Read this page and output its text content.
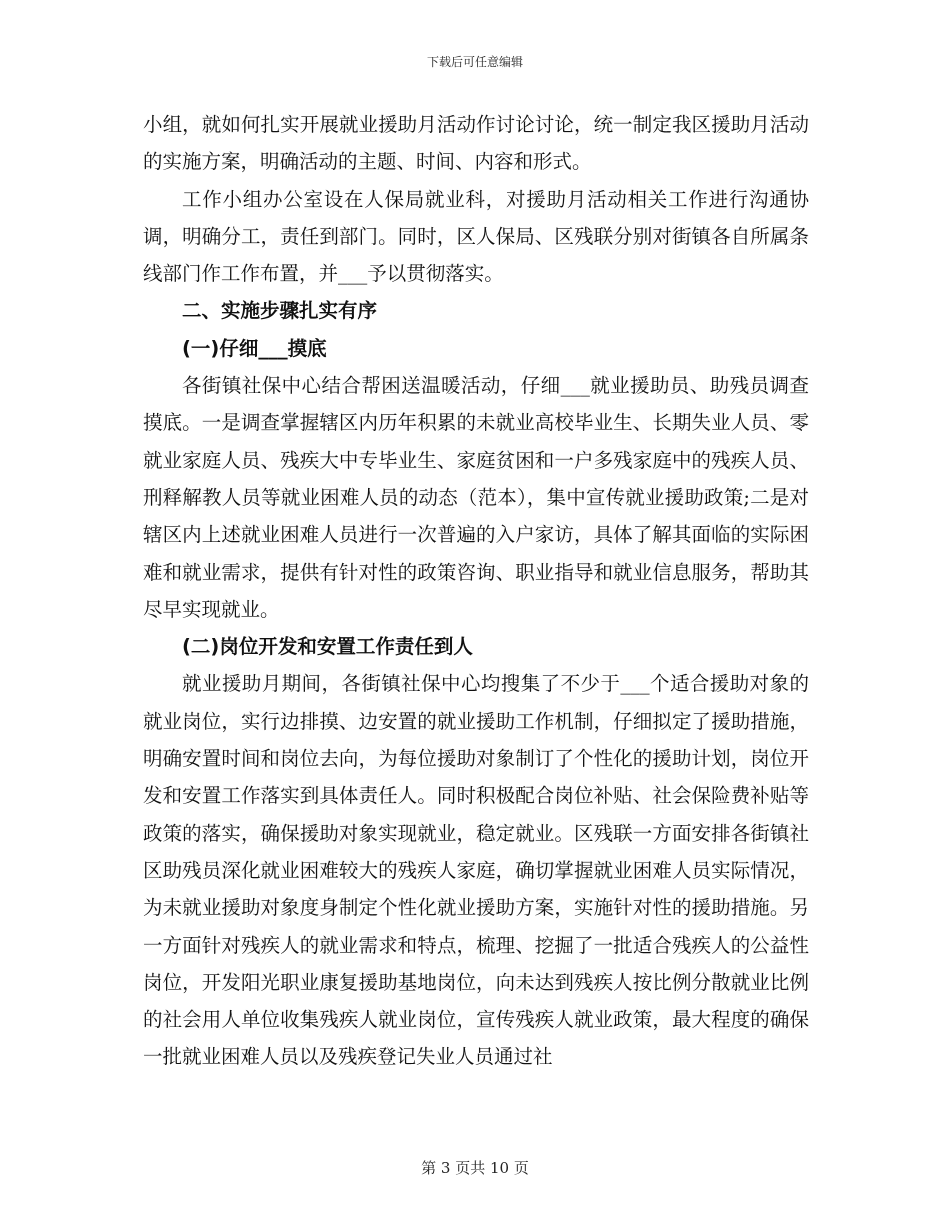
下载后可任意编辑

小组，就如何扎实开展就业援助月活动作讨论讨论，统一制定我区援助月活动的实施方案，明确活动的主题、时间、内容和形式。

工作小组办公室设在人保局就业科，对援助月活动相关工作进行沟通协调，明确分工，责任到部门。同时，区人保局、区残联分别对街镇各自所属条线部门作工作布置，并___予以贯彻落实。

二、实施步骤扎实有序

(一)仔细___摸底

各街镇社保中心结合帮困送温暖活动，仔细___就业援助员、助残员调查摸底。一是调查掌握辖区内历年积累的未就业高校毕业生、长期失业人员、零就业家庭人员、残疾大中专毕业生、家庭贫困和一户多残家庭中的残疾人员、刑释解教人员等就业困难人员的动态（范本），集中宣传就业援助政策;二是对辖区内上述就业困难人员进行一次普遍的入户家访，具体了解其面临的实际困难和就业需求，提供有针对性的政策咨询、职业指导和就业信息服务，帮助其尽早实现就业。

(二)岗位开发和安置工作责任到人

就业援助月期间，各街镇社保中心均搜集了不少于___个适合援助对象的就业岗位，实行边排摸、边安置的就业援助工作机制，仔细拟定了援助措施，明确安置时间和岗位去向，为每位援助对象制订了个性化的援助计划，岗位开发和安置工作落实到具体责任人。同时积极配合岗位补贴、社会保险费补贴等政策的落实，确保援助对象实现就业，稳定就业。区残联一方面安排各街镇社区助残员深化就业困难较大的残疾人家庭，确切掌握就业困难人员实际情况，为未就业援助对象度身制定个性化就业援助方案，实施针对性的援助措施。另一方面针对残疾人的就业需求和特点，梳理、挖掘了一批适合残疾人的公益性岗位，开发阳光职业康复援助基地岗位，向未达到残疾人按比例分散就业比例的社会用人单位收集残疾人就业岗位，宣传残疾人就业政策，最大程度的确保一批就业困难人员以及残疾登记失业人员通过社

第 3 页共 10 页
